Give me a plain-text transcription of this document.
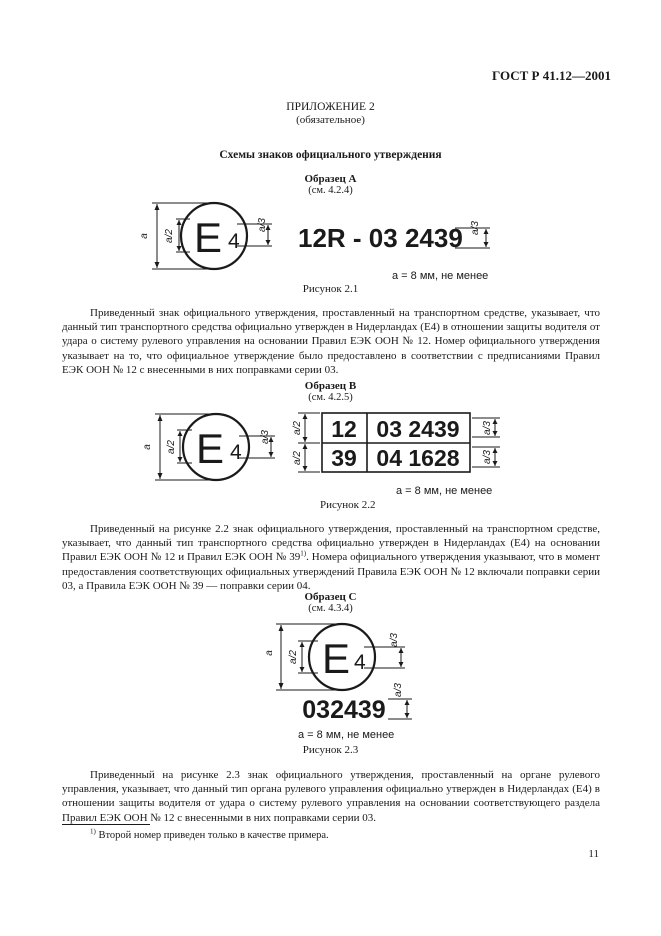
ГОСТ Р 41.12—2001
ПРИЛОЖЕНИЕ 2
(обязательное)
Схемы знаков официального утверждения
Образец А
(см. 4.2.4)
E 4
a a/2
a/3	a/3
12R - 03 2439
a = 8 мм, не менее
Рисунок 2.1
Приведенный знак официального утверждения, проставленный на транспортном средстве, указывает, что данный тип транспортного средства официально утвержден в Нидерландах (E4) в отношении защиты водителя от удара о систему рулевого управления на основании Правил ЕЭК ООН № 12. Номер официального утверждения указывает на то, что официальное утверждение было предоставлено в соответствии с предписаниями Правил ЕЭК ООН № 12 с внесенными в них поправками серии 03.
Образец В
(см. 4.2.5)
E 4
a a/2
a/3
a/2
a/2
a/3
a/3
12 03 2439
39 04 1628
a = 8 мм, не менее
Рисунок 2.2
Приведенный на рисунке 2.2 знак официального утверждения, проставленный на транспортном средстве, указывает, что данный тип транспортного средства официально утвержден в Нидерландах (E4) на основании Правил ЕЭК ООН № 12 и Правил ЕЭК ООН № 39$^{1)}$. Номера официального утверждения указывают, что в момент предоставления соответствующих официальных утверждений Правила ЕЭК ООН № 12 включали поправки серии 03, а Правила ЕЭК ООН № 39 — поправки серии 04.
Образец С
(см. 4.3.4)
E 4
a a/2
a/3
a/3
032439
a = 8 мм, не менее
Рисунок 2.3
Приведенный на рисунке 2.3 знак официального утверждения, проставленный на органе рулевого управления, указывает, что данный тип органа рулевого управления официально утвержден в Нидерландах (E4) в отношении защиты водителя от удара о систему рулевого управления на основании соответствующего раздела Правил ЕЭК ООН № 12 с внесенными в них поправками серии 03.
$^{1)}$ Второй номер приведен только в качестве примера.
11
